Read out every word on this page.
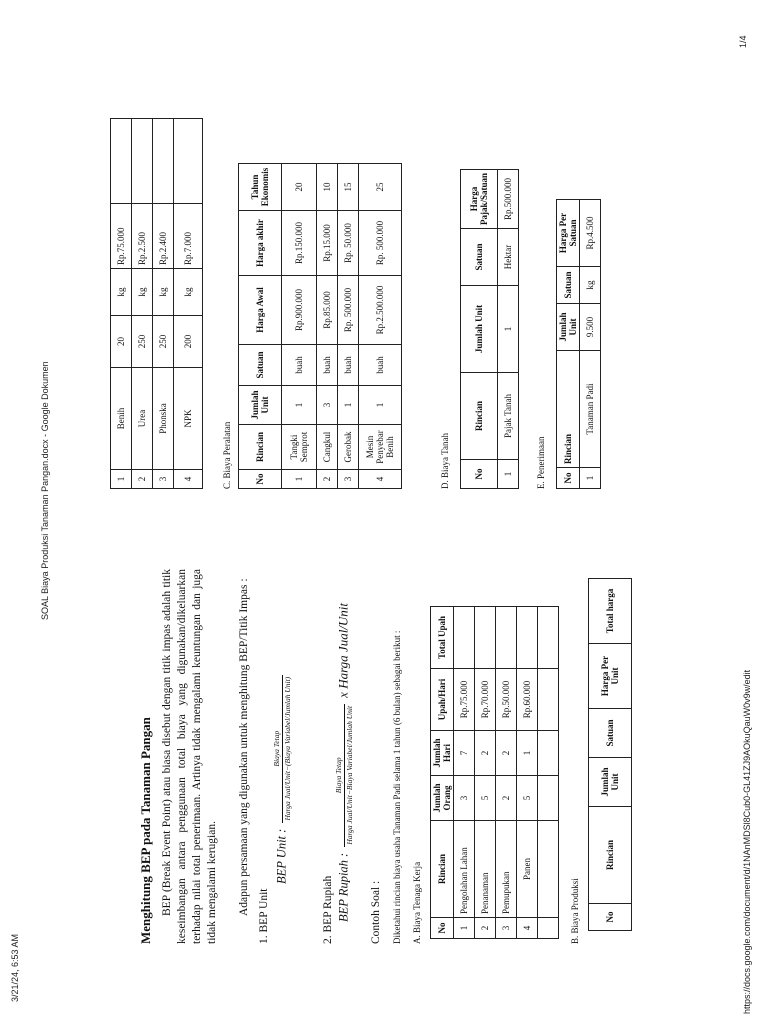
3/21/24, 6:53 AM
SOAL Biaya Produksi Tanaman Pangan.docx - Google Dokumen
1/4
https://docs.google.com/document/d/1NAnMDSl8Cub0-GL41ZJ9AOkuQauW0v9w/edit
Menghitung BEP pada Tanaman Pangan BEP (Break Event Point) atau biasa disebut dengan titik impas adalah titik keseimbangan antara penggunaan total biaya yang digunakan/dikeluarkan terhadap nilai total penerimaan. Artinya tidak mengalami keuntungan dan juga tidak mengalami kerugian. Adapun persamaan yang digunakan untuk menghitung BEP/Titik Impas :
1. BEP Unit
BEP Unit :
Biaya Tetap Harga Jual/Unit−(Biaya Variabel/Jumlah Unit)
2. BEP Rupiah BEP Rupiah :
Biaya Tetap Harga Jual/Unit−Biaya Variabel/Jumlah Unit
x Harga Jual/Unit
Contoh Soal : Diketahui rincian biaya usaha Tanaman Padi selama 1 tahun (6 bulan) sebagai berikut : A. Biaya Tenaga Kerja No	Rincian	Jumlah Orang	Jumlah Hari	Upah/Hari	Total Upah
1	Pengolahan Lahan	3	7	Rp.75.000	
2	Penanaman	5	2	Rp.70.000	
3	Pemupukan	2	2	Rp.50.000	
4	Panen	5	1	Rp.60.000	

B. Biaya Produksi	No	Rincian	Jumlah Unit	Satuan	Harga Per Unit	Total harga
1	Benih	20	kg	Rp.75.000	
2	Urea	250	kg	Rp.2.500	
3	Phonska	250	kg	Rp.2.400	
4	NPK	200	kg	Rp.7.000	
C. Biaya Peralatan	No	Rincian	Jumlah Unit	Satuan	Harga Awal	Harga akhir	Tahun Ekonomis
1	Tangki Semprot	1	buah	Rp.900.000	Rp.150.000	20
2	Cangkul	3	buah	Rp.85.000	Rp.15.000	10
3	Gerobak	1	buah	Rp. 500.000	Rp. 50.000	15
4	Mesin Penyebar Benih	1	buah	Rp.2.500.000	Rp. 500.000	25
D. Biaya Tanah	No	Rincian	Jumlah Unit	Satuan	Harga Pajak/Satuan
1	Pajak Tanah	1	Hektar	Rp.500.000
E. Penerimaan No	Rincian	Jumlah Unit	Satuan	Harga Per Satuan
1	Tanaman Padi	9.500	kg	Rp.4.500
